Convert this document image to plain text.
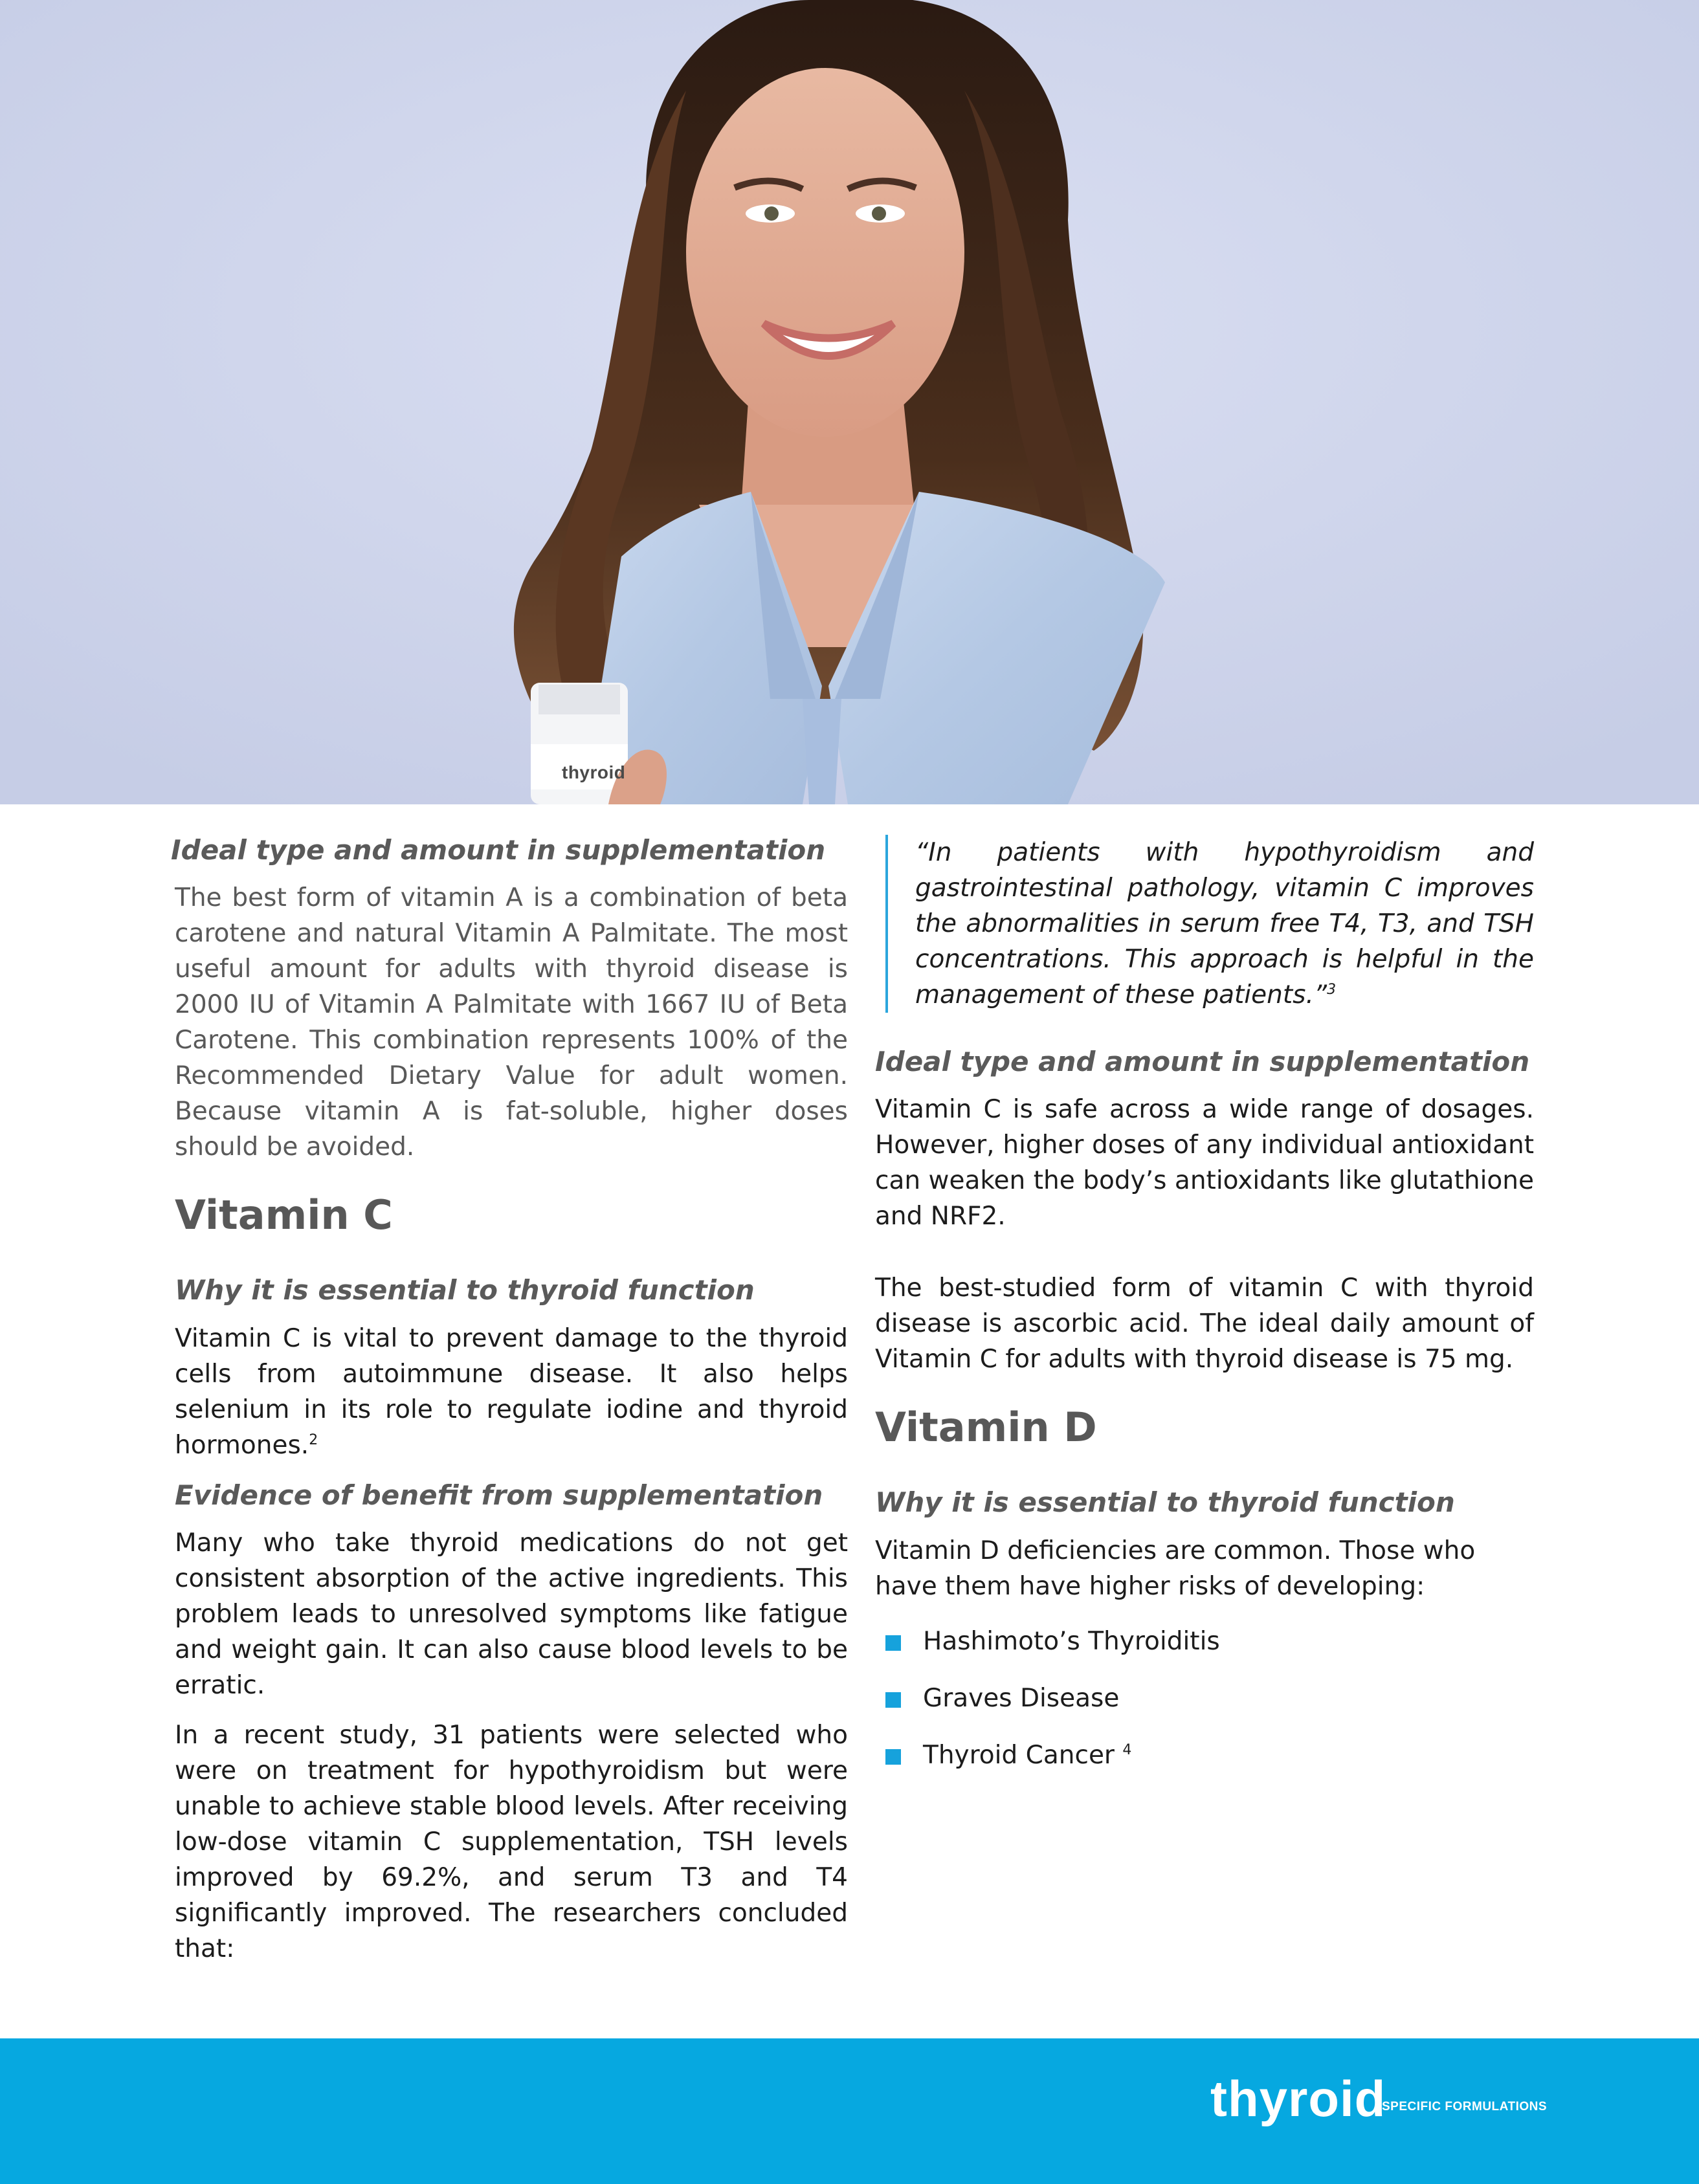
thyroid
Ideal type and amount in supplementation

The best form of vitamin A is a combination of beta carotene and natural Vitamin A Palmitate. The most useful amount for adults with thyroid disease is 2000 IU of Vitamin A Palmitate with 1667 IU of Beta Carotene. This combination represents 100% of the Recommended Dietary Value for adult women. Because vitamin A is fat-soluble, higher doses should be avoided.

Vitamin C
Why it is essential to thyroid function

Vitamin C is vital to prevent damage to the thyroid cells from autoimmune disease. It also helps selenium in its role to regulate iodine and thyroid hormones.$^2$

Evidence of benefit from supplementation

Many who take thyroid medications do not get consistent absorption of the active ingredients. This problem leads to unresolved symptoms like fatigue and weight gain. It can also cause blood levels to be erratic.

In a recent study, 31 patients were selected who were on treatment for hypothyroidism but were unable to achieve stable blood levels. After receiving low-dose vitamin C supplementation, TSH levels improved by 69.2%, and serum T3 and T4 significantly improved. The researchers concluded that:

“In patients with hypothyroidism and gastrointestinal pathology, vitamin C improves the abnormalities in serum free T4, T3, and TSH concentrations. This approach is helpful in the management of these patients.”$^3$
Ideal type and amount in supplementation

Vitamin C is safe across a wide range of dosages. However, higher doses of any individual antioxidant can weaken the body’s antioxidants like glutathione and NRF2.

The best-studied form of vitamin C with thyroid disease is ascorbic acid. The ideal daily amount of Vitamin C for adults with thyroid disease is 75 mg.

Vitamin D
Why it is essential to thyroid function

Vitamin D deficiencies are common. Those who have them have higher risks of developing:

Hashimoto’s Thyroiditis
Graves Disease
Thyroid Cancer $^4$
thyroid
SPECIFIC FORMULATIONS
